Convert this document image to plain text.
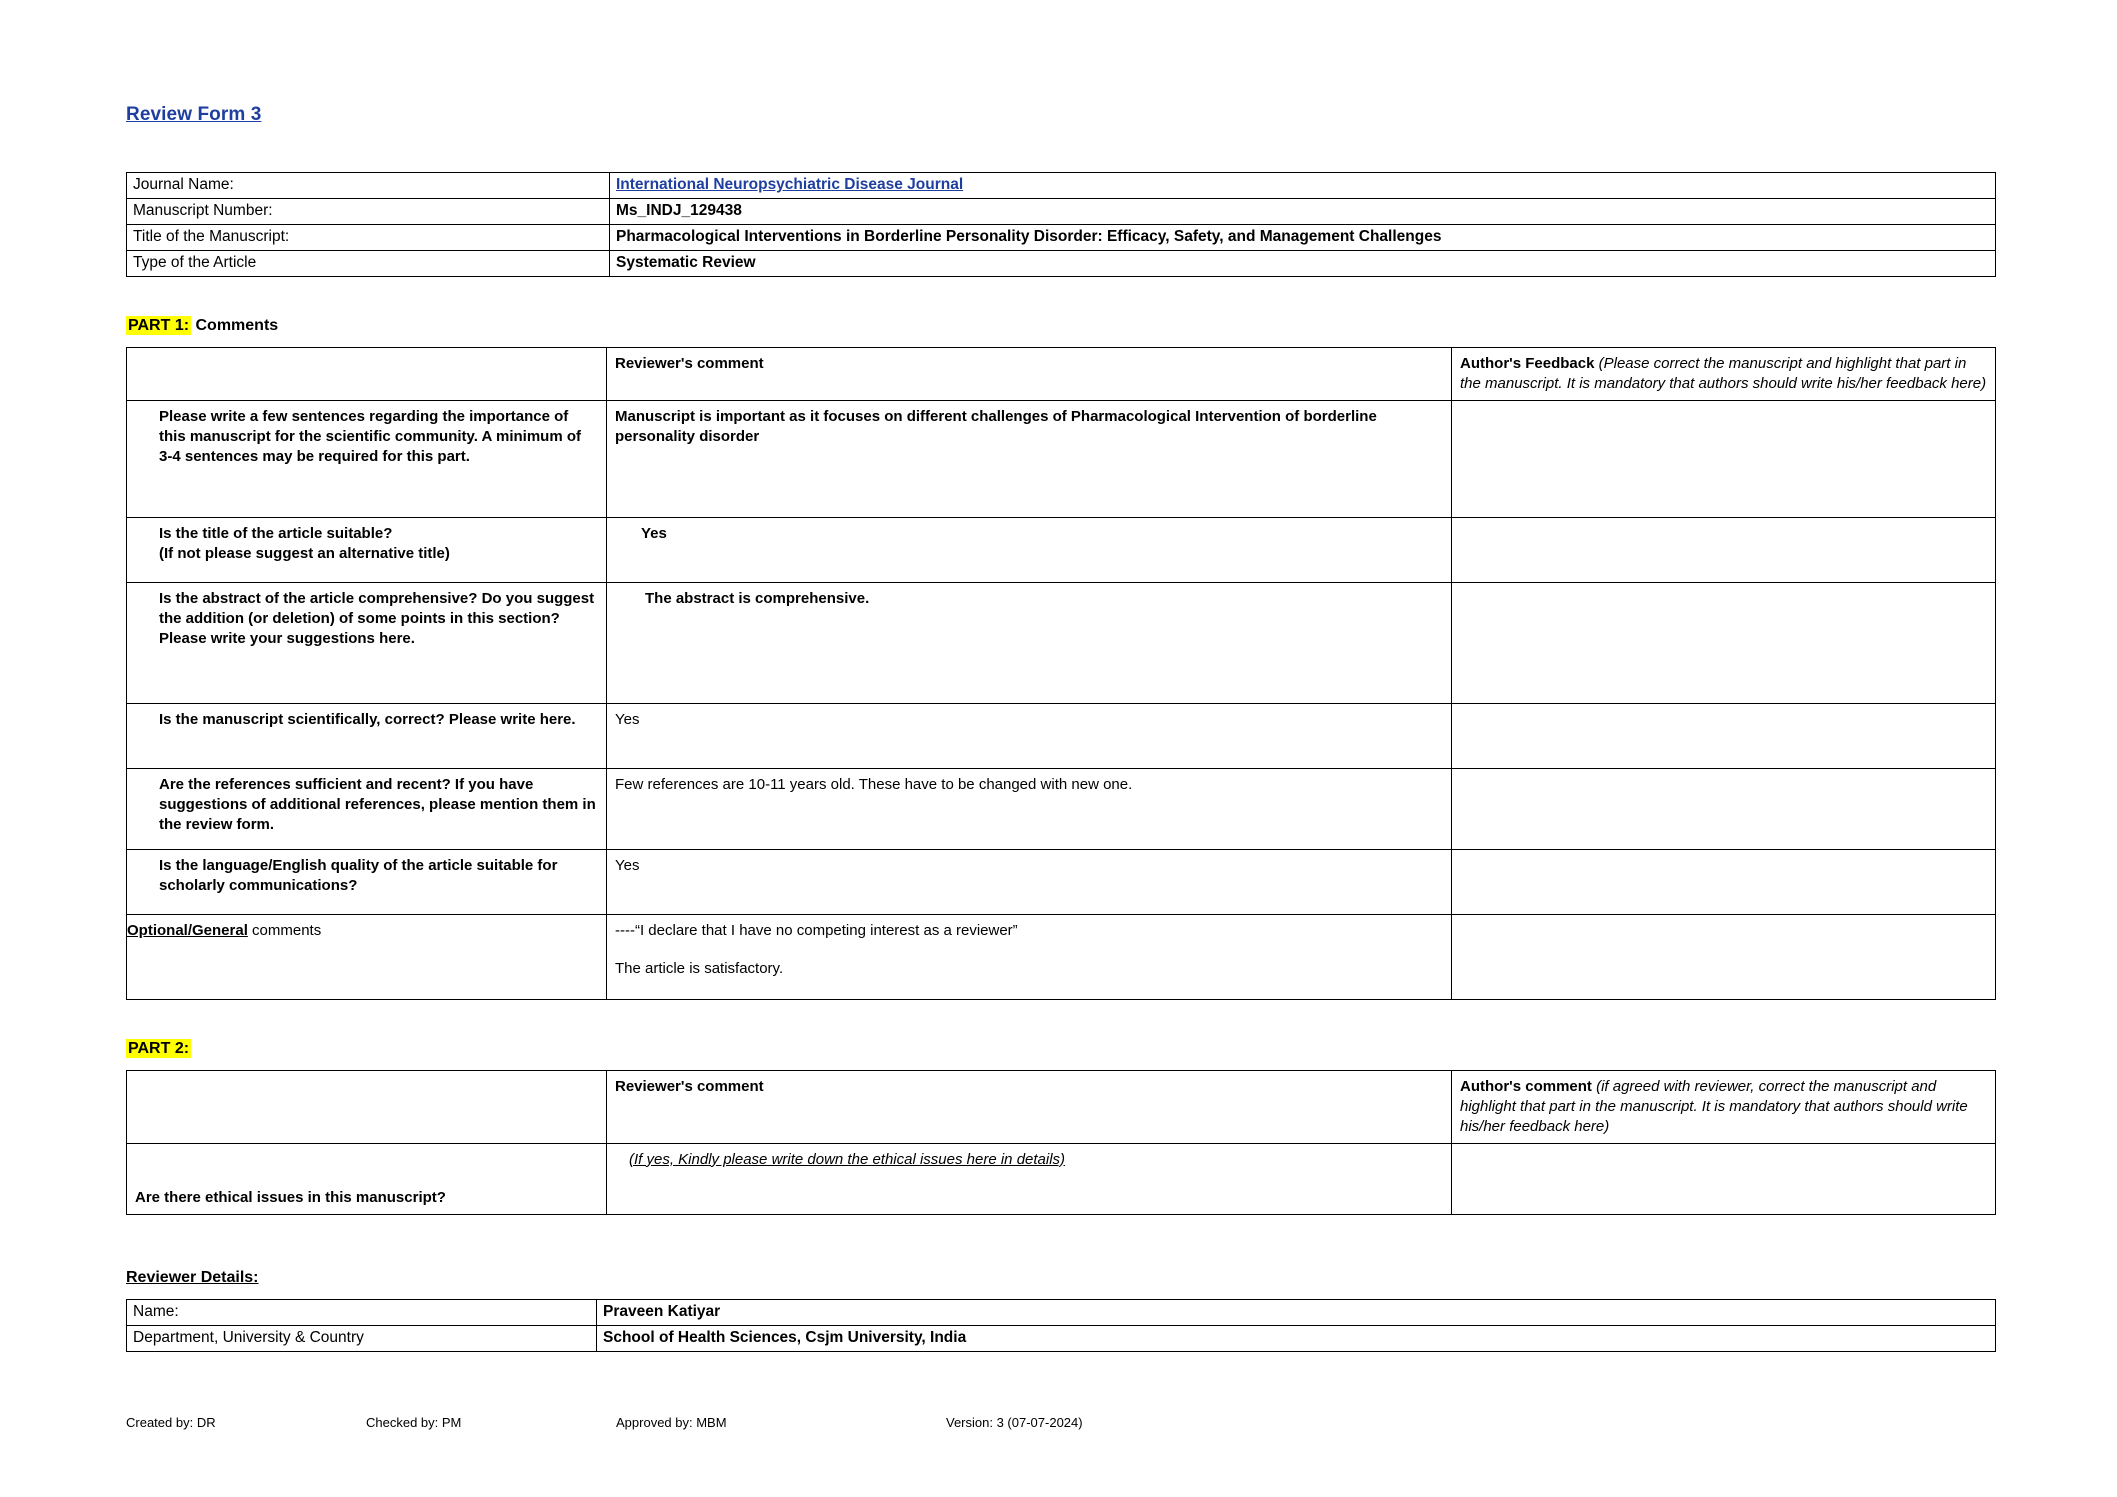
Review Form 3
Journal Name:	International Neuropsychiatric Disease Journal
Manuscript Number:	Ms_INDJ_129438
Title of the Manuscript:	Pharmacological Interventions in Borderline Personality Disorder: Efficacy, Safety, and Management Challenges
Type of the Article	Systematic Review
PART 1: Comments
	Reviewer's comment	Author's Feedback (Please correct the manuscript and highlight that part in the manuscript. It is mandatory that authors should write his/her feedback here)
Please write a few sentences regarding the importance of this manuscript for the scientific community. A minimum of 3-4 sentences may be required for this part.	Manuscript is important as it focuses on different challenges of Pharmacological Intervention of borderline personality disorder	

Is the title of the article suitable?
(If not please suggest an alternative title)	Yes	
Is the abstract of the article comprehensive? Do you suggest the addition (or deletion) of some points in this section? Please write your suggestions here.	The abstract is comprehensive.	
Is the manuscript scientifically, correct? Please write here.	Yes	
Are the references sufficient and recent? If you have suggestions of additional references, please mention them in the review form.	Few references are 10-11 years old. These have to be changed with new one.	
Is the language/English quality of the article suitable for scholarly communications?	Yes	
Optional/General comments	----“I declare that I have no competing interest as a reviewer”
The article is satisfactory.	

PART 2:
	Reviewer's comment	Author's comment (if agreed with reviewer, correct the manuscript and highlight that part in the manuscript. It is mandatory that authors should write his/her feedback here)
Are there ethical issues in this manuscript?	(If yes, Kindly please write down the ethical issues here in details)	
Reviewer Details:
Name:	Praveen Katiyar
Department, University & Country	School of Health Sciences, Csjm University, India
Created by: DR	Checked by: PM	Approved by: MBM	Version: 3 (07-07-2024)
